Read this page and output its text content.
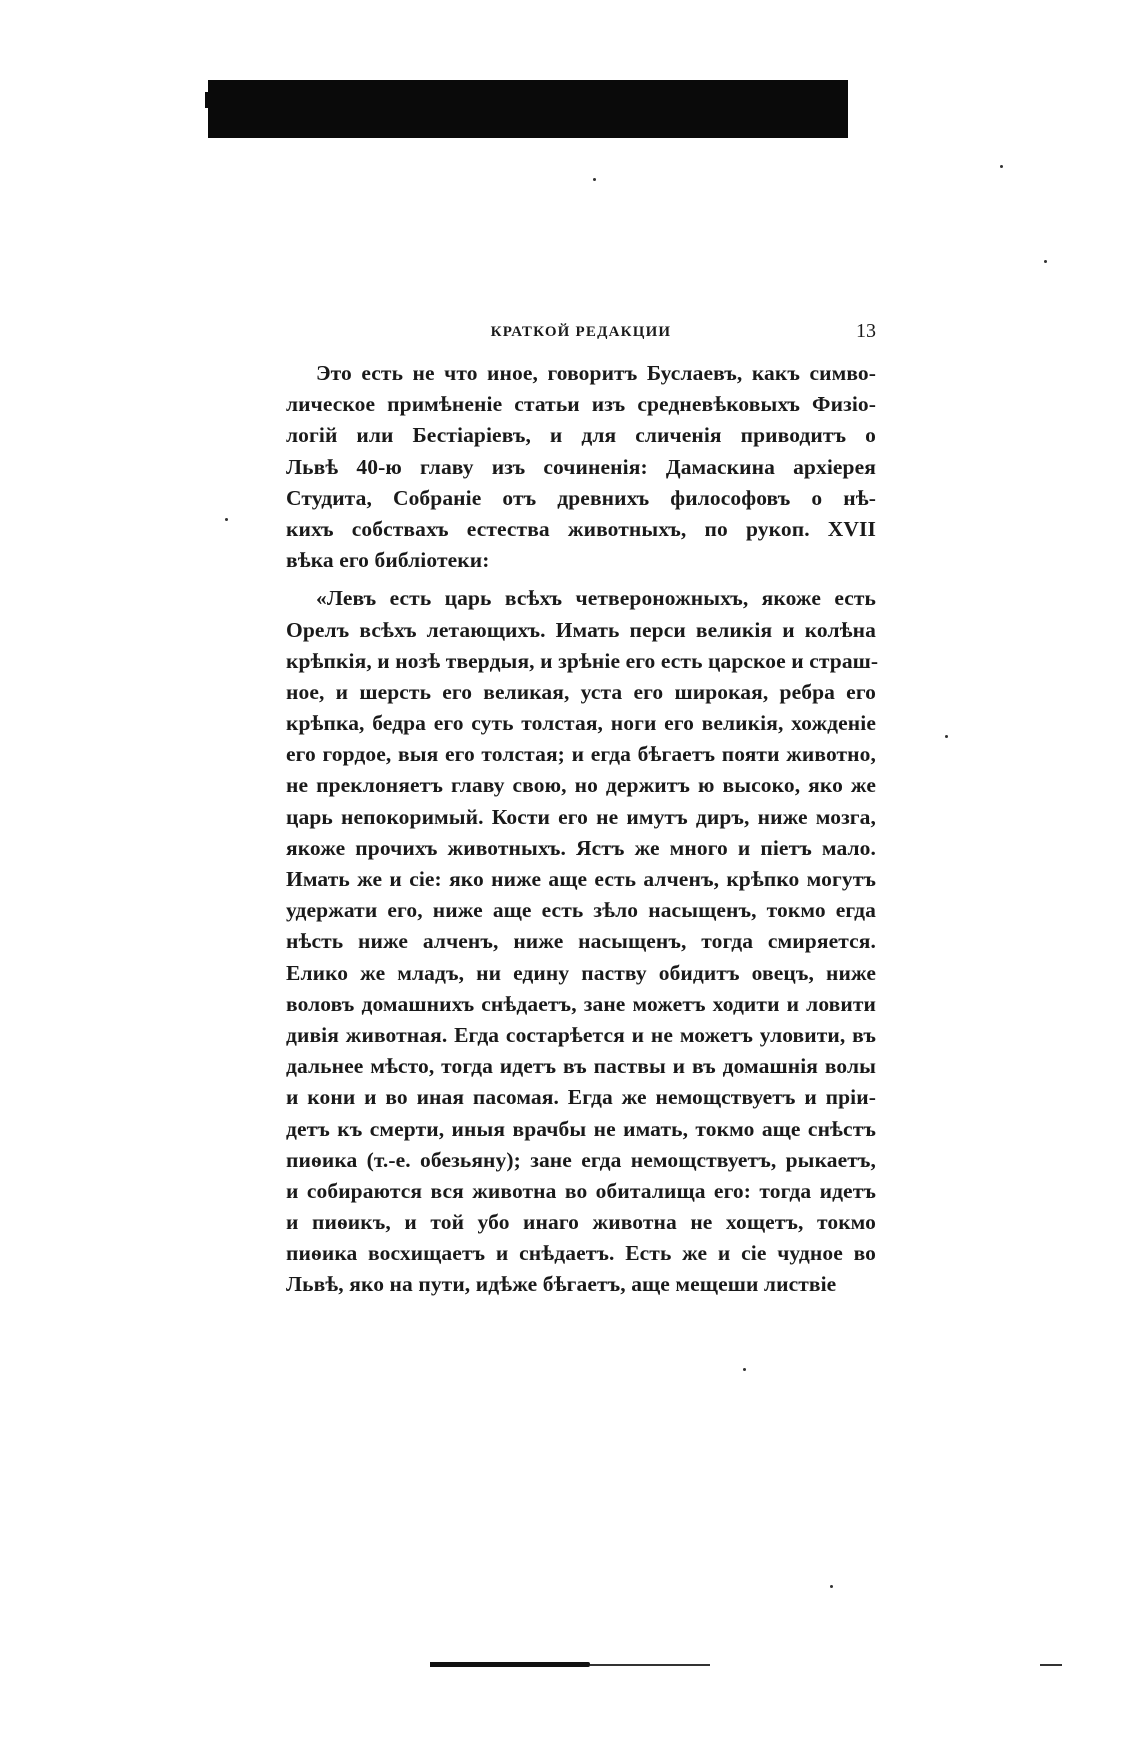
КРАТКОЙ РЕДАКЦИИ	13
Это есть не что иное, говоритъ Буслаевъ, какъ симво-
лическое примѣненіе статьи изъ средневѣковыхъ Физіо-
логій или Бестіаріевъ, и для сличенія приводитъ о
Львѣ 40-ю главу изъ сочиненія: Дамаскина архіерея
Студита, Собраніе отъ древнихъ философовъ о нѣ-
кихъ собствахъ естества животныхъ, по рукоп. XVII
вѣка его библіотеки:
«Левъ есть царь всѣхъ четвероножныхъ, якоже есть
Орелъ всѣхъ летающихъ. Имать перси великія и колѣна
крѣпкія, и нозѣ твердыя, и зрѣніе его есть царское и страш-
ное, и шерсть его великая, уста его широкая, ребра его
крѣпка, бедра его суть толстая, ноги его великія, хожденіе
его гордое, выя его толстая; и егда бѣгаетъ пояти животно,
не преклоняетъ главу свою, но держитъ ю высоко, яко же
царь непокоримый. Кости его не имутъ диръ, ниже мозга,
якоже прочихъ животныхъ. Ястъ же много и піетъ мало.
Имать же и сіе: яко ниже аще есть алченъ, крѣпко могутъ
удержати его, ниже аще есть зѣло насыщенъ, токмо егда
нѣсть ниже алченъ, ниже насыщенъ, тогда смиряется.
Елико же младъ, ни едину паству обидитъ овецъ, ниже
воловъ домашнихъ снѣдаетъ, зане можетъ ходити и ловити
дивія животная. Егда состарѣется и не можетъ уловити, въ
дальнее мѣсто, тогда идетъ въ паствы и въ домашнія волы
и кони и во иная пасомая. Егда же немощствуетъ и пріи-
детъ къ смерти, иныя врачбы не имать, токмо аще снѣстъ
пиѳика (т.-е. обезьяну); зане егда немощствуетъ, рыкаетъ,
и собираются вся животна во обиталища его: тогда идетъ
и пиѳикъ, и той убо инаго животна не хощетъ, токмо
пиѳика восхищаетъ и снѣдаетъ. Есть же и сіе чудное во
Львѣ, яко на пути, идѣже бѣгаетъ, аще мещеши листвіе
